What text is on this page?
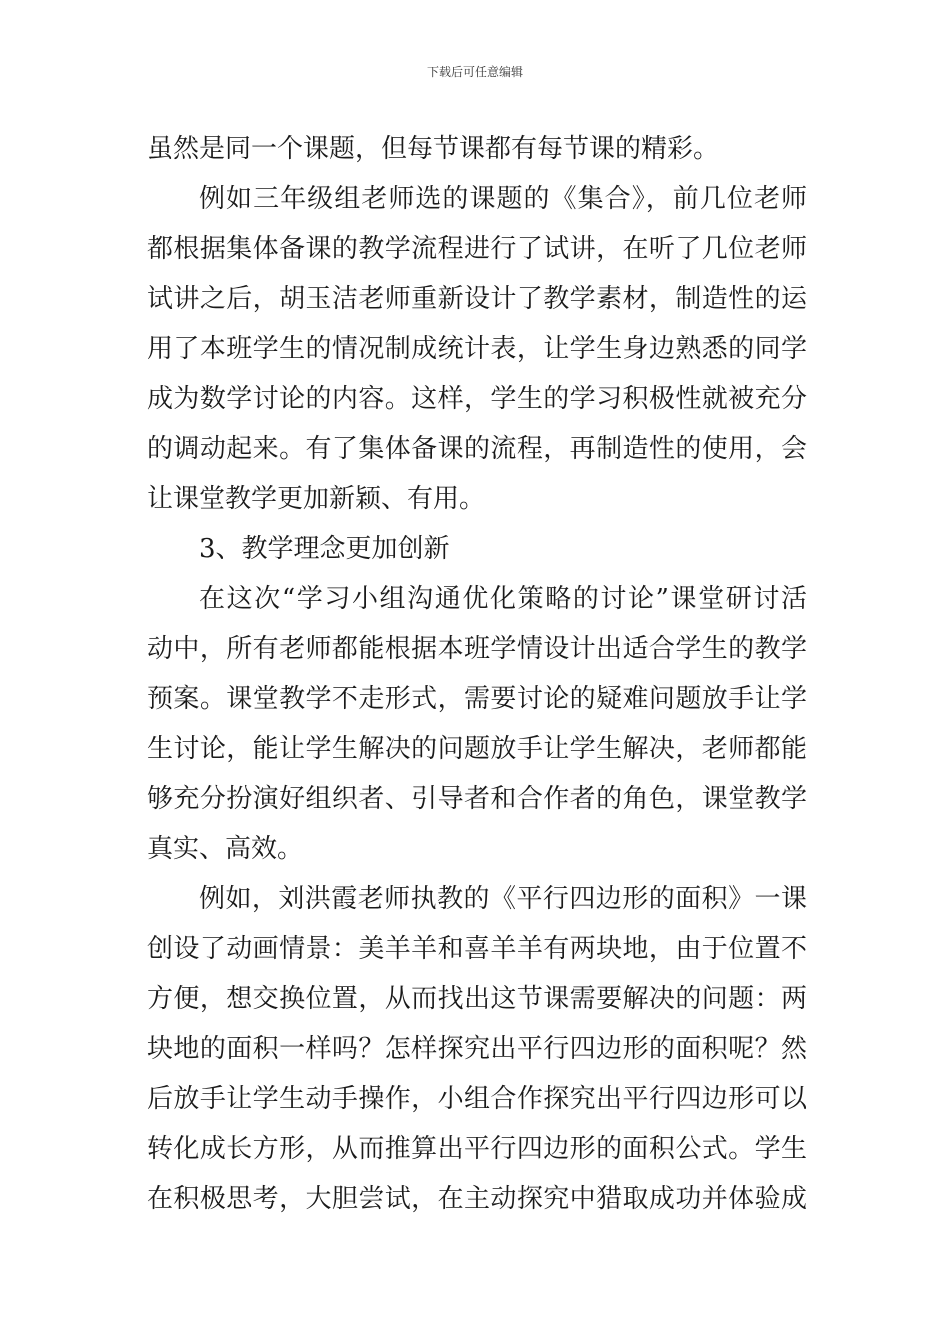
下载后可任意编辑
虽然是同一个课题，但每节课都有每节课的精彩。
例如三年级组老师选的课题的《集合》，前几位老师
都根据集体备课的教学流程进行了试讲，在听了几位老师
试讲之后，胡玉洁老师重新设计了教学素材，制造性的运
用了本班学生的情况制成统计表，让学生身边熟悉的同学
成为数学讨论的内容。这样，学生的学习积极性就被充分
的调动起来。有了集体备课的流程，再制造性的使用，会
让课堂教学更加新颖、有用。
3、教学理念更加创新
在这次“学习小组沟通优化策略的讨论”课堂研讨活
动中，所有老师都能根据本班学情设计出适合学生的教学
预案。课堂教学不走形式，需要讨论的疑难问题放手让学
生讨论，能让学生解决的问题放手让学生解决，老师都能
够充分扮演好组织者、引导者和合作者的角色，课堂教学
真实、高效。
例如，刘洪霞老师执教的《平行四边形的面积》一课
创设了动画情景：美羊羊和喜羊羊有两块地，由于位置不
方便，想交换位置，从而找出这节课需要解决的问题：两
块地的面积一样吗？怎样探究出平行四边形的面积呢？然
后放手让学生动手操作，小组合作探究出平行四边形可以
转化成长方形，从而推算出平行四边形的面积公式。学生
在积极思考，大胆尝试，在主动探究中猎取成功并体验成
